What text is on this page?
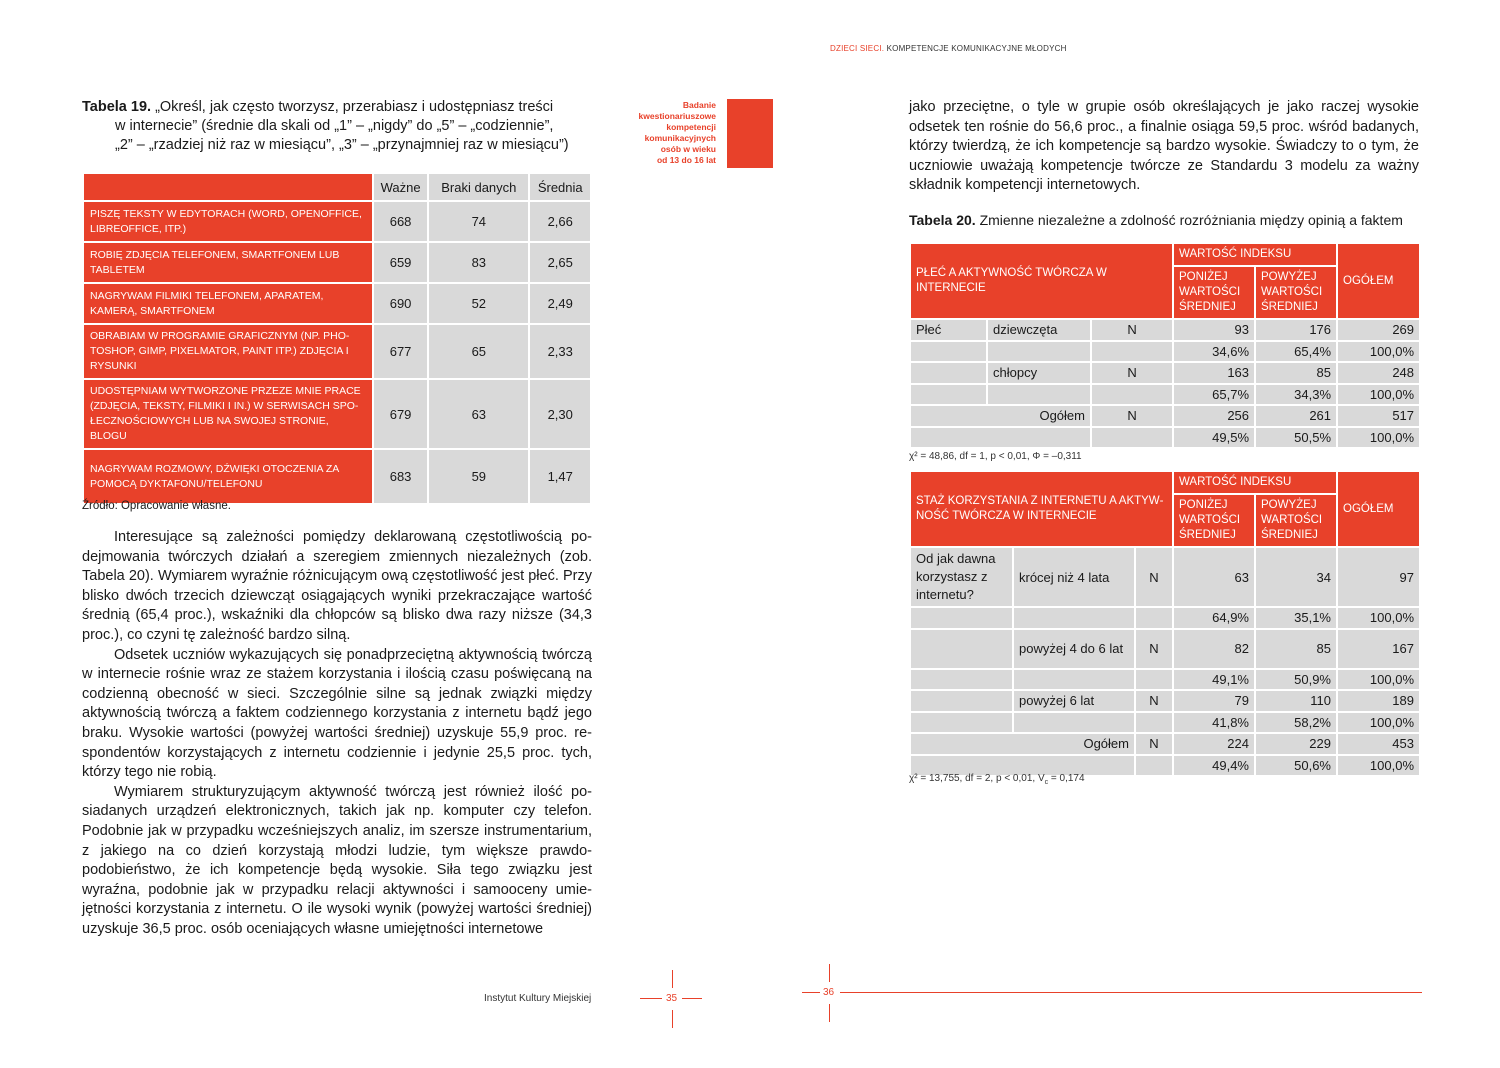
DZIECI SIECI. KOMPETENCJE KOMUNIKACYJNE MŁODYCH
Tabela 19. „Określ, jak często tworzysz, przerabiasz i udostępniasz treści
w internecie” (średnie dla skali od „1” – „nigdy” do „5” – „codziennie”,
„2” – „rzadziej niż raz w miesiącu”, „3” – „przynajmniej raz w miesiącu”)
	Ważne	Braki danych	Średnia
PISZĘ TEKSTY W EDYTORACH (WORD, OPENOFFICE, LIBREOFFICE, ITP.)	668	74	2,66
ROBIĘ ZDJĘCIA TELEFONEM, SMARTFONEM LUB TABLETEM	659	83	2,65
NAGRYWAM FILMIKI TELEFONEM, APARATEM, KAMERĄ, SMARTFONEM	690	52	2,49
OBRABIAM W PROGRAMIE GRAFICZNYM (NP. PHOTOSHOP, GIMP, PIXELMATOR, PAINT ITP.) ZDJĘCIA I RYSUNKI	677	65	2,33
UDOSTĘPNIAM WYTWORZONE PRZEZE MNIE PRACE (ZDJĘCIA, TEKSTY, FILMIKI I IN.) W SERWISACH SPOŁECZNOŚCIOWYCH LUB NA SWOJEJ STRONIE, BLOGU	679	63	2,30
NAGRYWAM ROZMOWY, DŹWIĘKI OTOCZENIA ZA POMOCĄ DYKTAFONU/TELEFONU	683	59	1,47
Źródło: Opracowanie własne.

Interesujące są zależności pomiędzy deklarowaną częstotliwością podejmowania twórczych działań a szeregiem zmiennych niezależnych (zob. Tabela 20). Wymiarem wyraźnie różnicującym ową częstotliwość jest płeć. Przy blisko dwóch trzecich dziewcząt osiągających wyniki przekraczające wartość średnią (65,4 proc.), wskaźniki dla chłopców są blisko dwa razy niższe (34,3 proc.), co czyni tę zależność bardzo silną.

Odsetek uczniów wykazujących się ponadprzeciętną aktywnością twórczą w internecie rośnie wraz ze stażem korzystania i ilością czasu poświęcaną na codzienną obecność w sieci. Szczególnie silne są jednak związki między aktywnością twórczą a faktem codziennego korzystania z internetu bądź jego braku. Wysokie wartości (powyżej wartości średniej) uzyskuje 55,9 proc. respondentów korzystających z internetu codziennie i jedynie 25,5 proc. tych, którzy tego nie robią.

Wymiarem strukturyzującym aktywność twórczą jest również ilość posiadanych urządzeń elektronicznych, takich jak np. komputer czy telefon. Podobnie jak w przypadku wcześniejszych analiz, im szersze instrumentarium, z jakiego na co dzień korzystają młodzi ludzie, tym większe prawdopodobieństwo, że ich kompetencje będą wysokie. Siła tego związku jest wyraźna, podobnie jak w przypadku relacji aktywności i samooceny umiejętności korzystania z internetu. O ile wysoki wynik (powyżej wartości średniej) uzyskuje 36,5 proc. osób oceniających własne umiejętności internetowe

Badanie
kwestionariuszowe
kompetencji
komunikacyjnych
osób w wieku
od 13 do 16 lat
jako przeciętne, o tyle w grupie osób określających je jako raczej wysokie odsetek ten rośnie do 56,6 proc., a finalnie osiąga 59,5 proc. wśród badanych, którzy twierdzą, że ich kompetencje są bardzo wysokie. Świadczy to o tym, że uczniowie uważają kompetencje twórcze ze Standardu 3 modelu za ważny składnik kompetencji internetowych.
Tabela 20. Zmienne niezależne a zdolność rozróżniania między opinią a faktem
PŁEĆ A AKTYWNOŚĆ TWÓRCZA W INTERNECIE			WARTOŚĆ INDEKSU		OGÓŁEM
			PONIŻEJ WARTOŚCI ŚREDNIEJ	POWYŻEJ WARTOŚCI ŚREDNIEJ	
Płeć	dziewczęta	N	93	176	269
			34,6%	65,4%	100,0%
	chłopcy	N	163	85	248
			65,7%	34,3%	100,0%
Ogółem		N	256	261	517
			49,5%	50,5%	100,0%
χ² = 48,86, df = 1, p < 0,01, Φ = –0,311
STAŻ KORZYSTANIA Z INTERNETU A AKTYWNOŚĆ TWÓRCZA W INTERNECIE			WARTOŚĆ INDEKSU		OGÓŁEM
			PONIŻEJ WARTOŚCI ŚREDNIEJ	POWYŻEJ WARTOŚCI ŚREDNIEJ	
Od jak dawna korzystasz z internetu?	krócej niż 4 lata	N	63	34	97
			64,9%	35,1%	100,0%
	powyżej 4 do 6 lat	N	82	85	167
			49,1%	50,9%	100,0%
	powyżej 6 lat	N	79	110	189
			41,8%	58,2%	100,0%
Ogółem		N	224	229	453
			49,4%	50,6%	100,0%
χ² = 13,755, df = 2, p < 0,01, $V_c = 0,174$
Instytut Kultury Miejskiej	35
36
